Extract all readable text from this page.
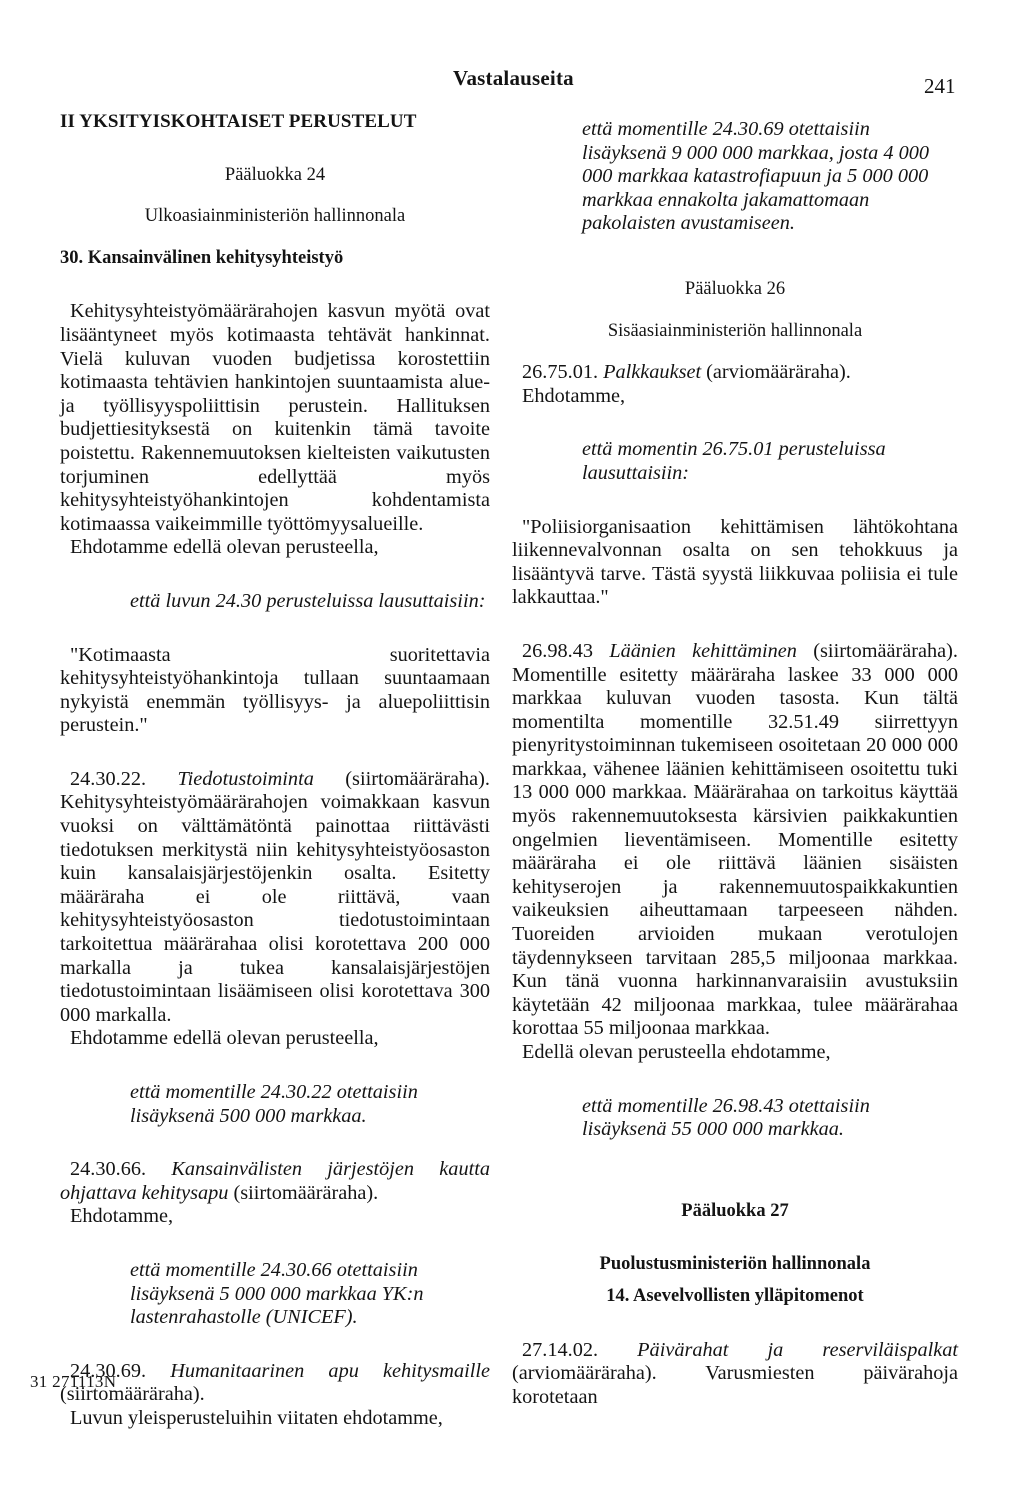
Vastalauseita	241

II YKSITYISKOHTAISET PERUSTELUT

Pääluokka 24

Ulkoasiainministeriön hallinnonala

30. Kansainvälinen kehitysyhteistyö

Kehitysyhteistyömäärärahojen kasvun myötä ovat lisääntyneet myös kotimaasta tehtävät hankinnat. Vielä kuluvan vuoden budjetissa korostettiin kotimaasta tehtävien hankintojen suuntaamista alue- ja työllisyyspoliittisin perustein. Hallituksen budjettiesityksestä on kuitenkin tämä tavoite poistettu. Rakennemuutoksen kielteisten vaikutusten torjuminen edellyttää myös kehitysyhteistyöhankintojen kohdentamista kotimaassa vaikeimmille työttömyysalueille.

Ehdotamme edellä olevan perusteella,

että luvun 24.30 perusteluissa lausuttaisiin:

"Kotimaasta suoritettavia kehitysyhteistyöhankintoja tullaan suuntaamaan nykyistä enemmän työllisyys- ja aluepoliittisin perustein."

24.30.22. Tiedotustoiminta (siirtomääräraha). Kehitysyhteistyömäärärahojen voimakkaan kasvun vuoksi on välttämätöntä painottaa riittävästi tiedotuksen merkitystä niin kehitysyhteistyöosaston kuin kansalaisjärjestöjenkin osalta. Esitetty määräraha ei ole riittävä, vaan kehitysyhteistyöosaston tiedotustoimintaan tarkoitettua määrärahaa olisi korotettava 200 000 markalla ja tukea kansalaisjärjestöjen tiedotustoimintaan lisäämiseen olisi korotettava 300 000 markalla.

Ehdotamme edellä olevan perusteella,

että momentille 24.30.22 otettaisiin lisäyksenä 500 000 markkaa.

24.30.66. Kansainvälisten järjestöjen kautta ohjattava kehitysapu (siirtomääräraha).

Ehdotamme,

että momentille 24.30.66 otettaisiin lisäyksenä 5 000 000 markkaa YK:n lastenrahastolle (UNICEF).

24.30.69. Humanitaarinen apu kehitysmaille (siirtomääräraha).

Luvun yleisperusteluihin viitaten ehdotamme,

että momentille 24.30.69 otettaisiin lisäyksenä 9 000 000 markkaa, josta 4 000 000 markkaa katastrofiapuun ja 5 000 000 markkaa ennakolta jakamattomaan pakolaisten avustamiseen.

Pääluokka 26

Sisäasiainministeriön hallinnonala

26.75.01. Palkkaukset (arviomääräraha).

Ehdotamme,

että momentin 26.75.01 perusteluissa lausuttaisiin:

"Poliisiorganisaation kehittämisen lähtökohtana liikennevalvonnan osalta on sen tehokkuus ja lisääntyvä tarve. Tästä syystä liikkuvaa poliisia ei tule lakkauttaa."

26.98.43 Läänien kehittäminen (siirtomääräraha). Momentille esitetty määräraha laskee 33 000 000 markkaa kuluvan vuoden tasosta. Kun tältä momentilta momentille 32.51.49 siirrettyyn pienyritystoiminnan tukemiseen osoitetaan 20 000 000 markkaa, vähenee läänien kehittämiseen osoitettu tuki 13 000 000 markkaa. Määrärahaa on tarkoitus käyttää myös rakennemuutoksesta kärsivien paikkakuntien ongelmien lieventämiseen. Momentille esitetty määräraha ei ole riittävä läänien sisäisten kehityserojen ja rakennemuutospaikkakuntien vaikeuksien aiheuttamaan tarpeeseen nähden. Tuoreiden arvioiden mukaan verotulojen täydennykseen tarvitaan 285,5 miljoonaa markkaa. Kun tänä vuonna harkinnanvaraisiin avustuksiin käytetään 42 miljoonaa markkaa, tulee määrärahaa korottaa 55 miljoonaa markkaa.

Edellä olevan perusteella ehdotamme,

että momentille 26.98.43 otettaisiin lisäyksenä 55 000 000 markkaa.

Pääluokka 27

Puolustusministeriön hallinnonala

14. Asevelvollisten ylläpitomenot

27.14.02. Päivärahat ja reserviläispalkat (arviomääräraha). Varusmiesten päivärahoja korotetaan

31 271113N
